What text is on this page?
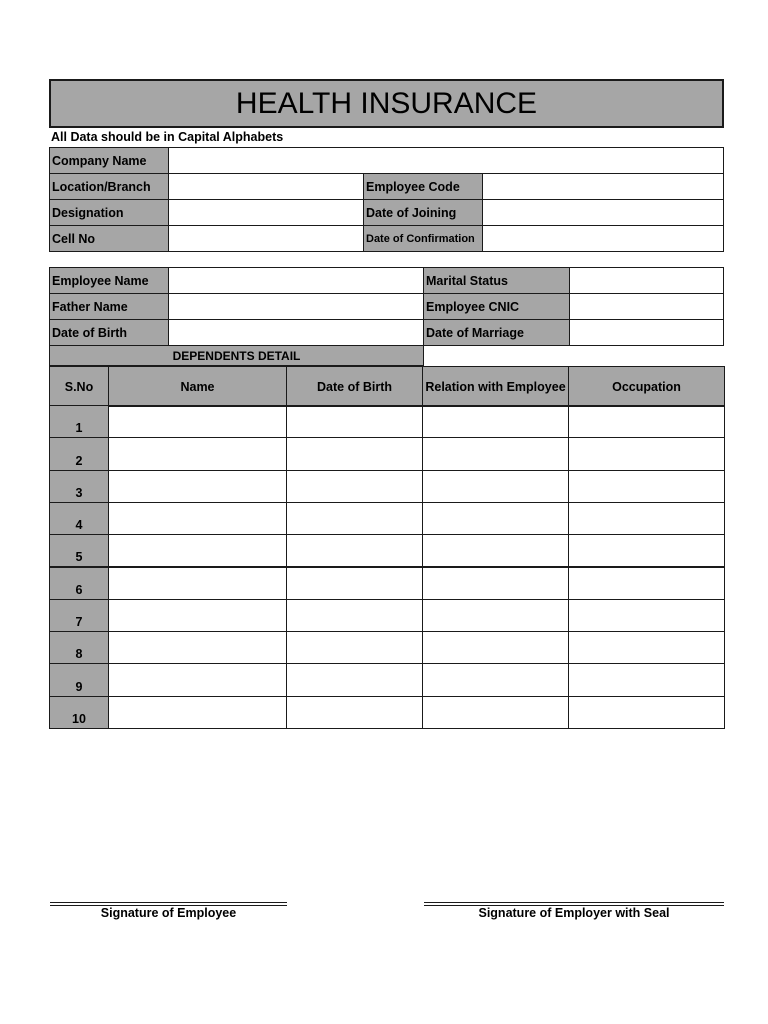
HEALTH INSURANCE
All Data should be in Capital Alphabets
Company Name
Location/Branch	Employee Code
Designation	Date of Joining
Cell No	Date of Confirmation
Employee Name	Marital Status
Father Name	Employee CNIC
Date of Birth	Date of Marriage
DEPENDENTS DETAIL
S.No	Name	Date of Birth	Relation with Employee	Occupation
1
2
3
4
5
6
7
8
9
10
Signature of Employee	Signature of Employer with Seal
